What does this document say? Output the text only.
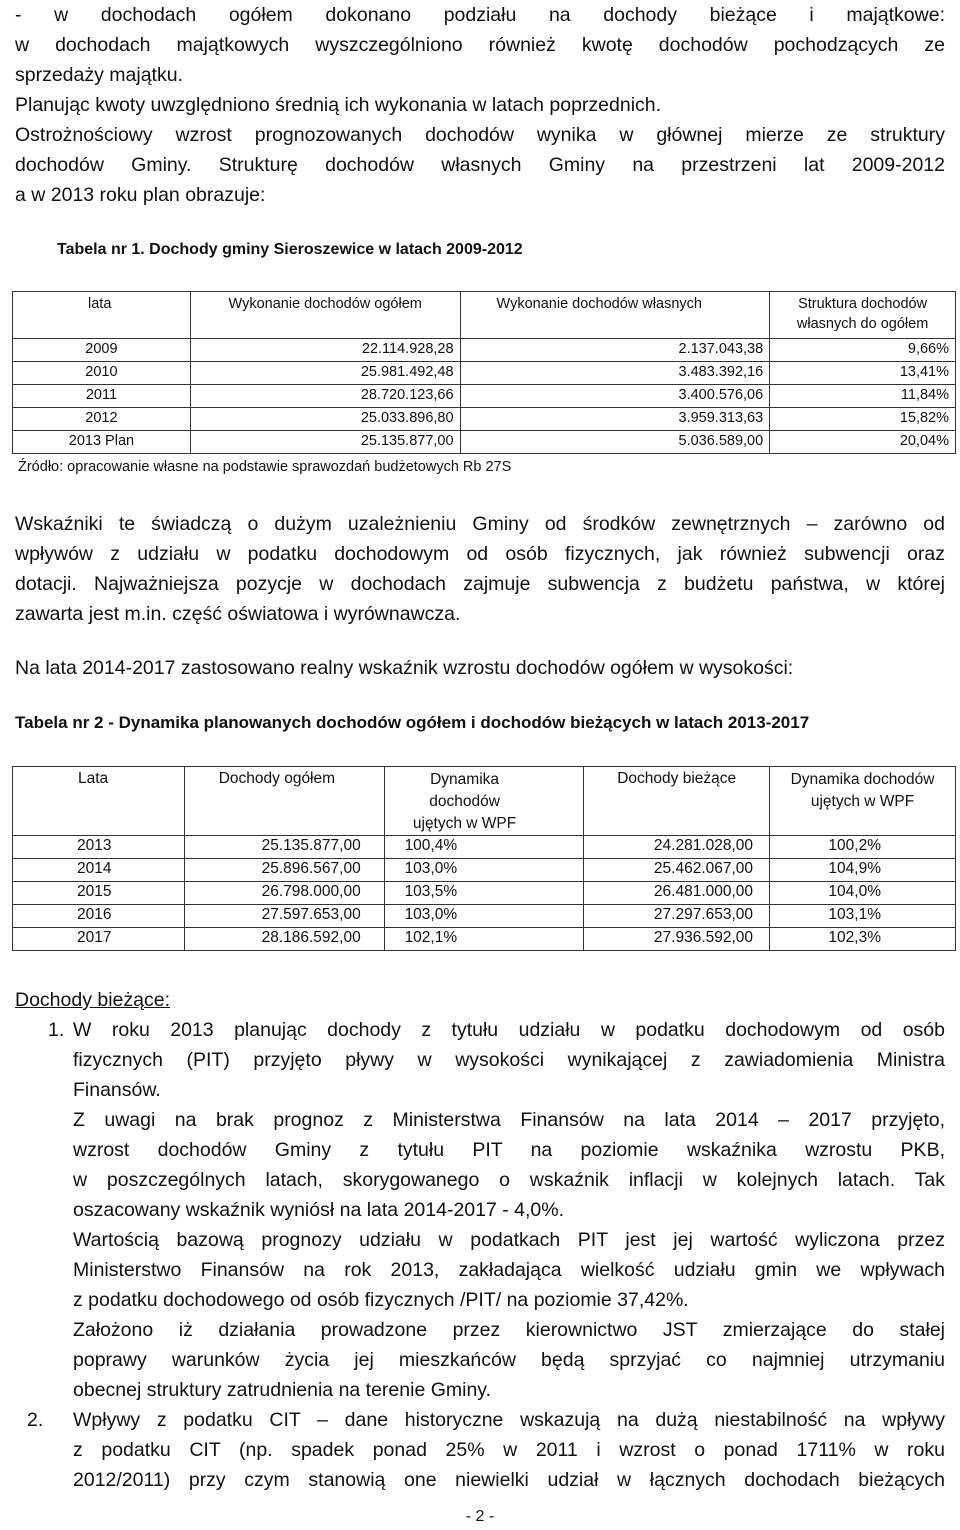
- w dochodach ogółem dokonano podziału na dochody bieżące i majątkowe:
w dochodach majątkowych wyszczególniono również kwotę dochodów pochodzących ze
sprzedaży majątku.
Planując kwoty uwzględniono średnią ich wykonania w latach poprzednich.
Ostrożnościowy wzrost prognozowanych dochodów wynika w głównej mierze ze struktury
dochodów Gminy. Strukturę dochodów własnych Gminy na przestrzeni lat 2009-2012
a w 2013 roku plan obrazuje:
Tabela nr 1. Dochody gminy Sieroszewice w latach 2009-2012
lata	Wykonanie dochodów ogółem	Wykonanie dochodów własnych	Struktura dochodów własnych do ogółem
2009	22.114.928,28	2.137.043,38	9,66%
2010	25.981.492,48	3.483.392,16	13,41%
2011	28.720.123,66	3.400.576,06	11,84%
2012	25.033.896,80	3.959.313,63	15,82%
2013 Plan	25.135.877,00	5.036.589,00	20,04%
Źródło: opracowanie własne na podstawie sprawozdań budżetowych Rb 27S
Wskaźniki te świadczą o dużym uzależnieniu Gminy od środków zewnętrznych – zarówno od
wpływów z udziału w podatku dochodowym od osób fizycznych, jak również subwencji oraz
dotacji. Najważniejsza pozycje w dochodach zajmuje subwencja z budżetu państwa, w której
zawarta jest m.in. część oświatowa i wyrównawcza.
Na lata 2014-2017 zastosowano realny wskaźnik wzrostu dochodów ogółem w wysokości:
Tabela nr 2 - Dynamika planowanych dochodów ogółem i dochodów bieżących w latach 2013-2017
Lata	Dochody ogółem	Dynamika dochodów ujętych w WPF	Dochody bieżące	Dynamika dochodów ujętych w WPF

2013	25.135.877,00	100,4%	24.281.028,00	100,2%
2014	25.896.567,00	103,0%	25.462.067,00	104,9%
2015	26.798.000,00	103,5%	26.481.000,00	104,0%
2016	27.597.653,00	103,0%	27.297.653,00	103,1%
2017	28.186.592,00	102,1%	27.936.592,00	102,3%
Dochody bieżące:
1. W roku 2013 planując dochody z tytułu udziału w podatku dochodowym od osób
fizycznych (PIT) przyjęto pływy w wysokości wynikającej z zawiadomienia Ministra
Finansów.
Z uwagi na brak prognoz z Ministerstwa Finansów na lata 2014 – 2017 przyjęto,
wzrost dochodów Gminy z tytułu PIT na poziomie wskaźnika wzrostu PKB,
w poszczególnych latach, skorygowanego o wskaźnik inflacji w kolejnych latach. Tak
oszacowany wskaźnik wyniósł na lata 2014-2017 - 4,0%.
Wartością bazową prognozy udziału w podatkach PIT jest jej wartość wyliczona przez
Ministerstwo Finansów na rok 2013, zakładająca wielkość udziału gmin we wpływach
z podatku dochodowego od osób fizycznych /PIT/ na poziomie 37,42%.
Założono iż działania prowadzone przez kierownictwo JST zmierzające do stałej
poprawy warunków życia jej mieszkańców będą sprzyjać co najmniej utrzymaniu
obecnej struktury zatrudnienia na terenie Gminy.
2. Wpływy z podatku CIT – dane historyczne wskazują na dużą niestabilność na wpływy
z podatku CIT (np. spadek ponad 25% w 2011 i wzrost o ponad 1711% w roku
2012/2011) przy czym stanowią one niewielki udział w łącznych dochodach bieżących
- 2 -
